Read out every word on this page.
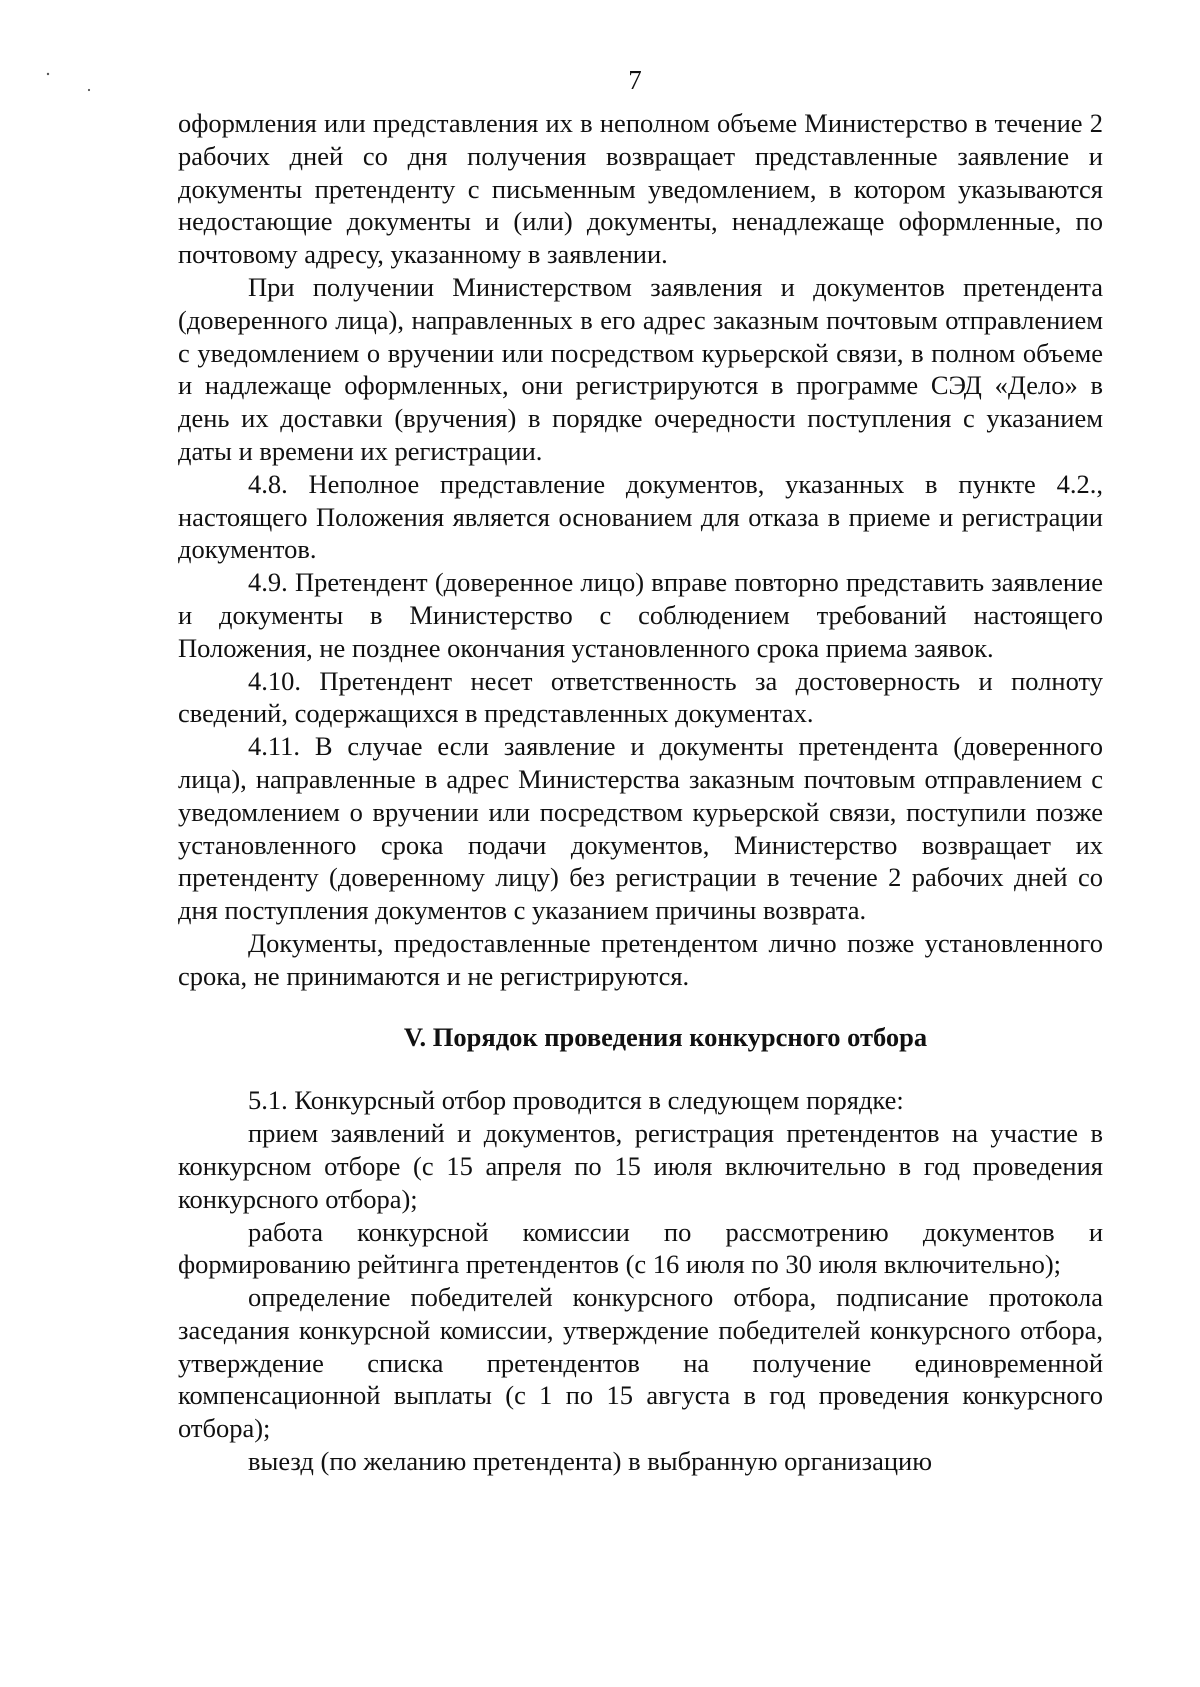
7

оформления или представления их в неполном объеме Министерство в течение 2 рабочих дней со дня получения возвращает представленные заявление и документы претенденту с письменным уведомлением, в котором указываются недостающие документы и (или) документы, ненадлежаще оформленные, по почтовому адресу, указанному в заявлении.

При получении Министерством заявления и документов претендента (доверенного лица), направленных в его адрес заказным почтовым отправлением с уведомлением о вручении или посредством курьерской связи, в полном объеме и надлежаще оформленных, они регистрируются в программе СЭД «Дело» в день их доставки (вручения) в порядке очередности поступления с указанием даты и времени их регистрации.

4.8. Неполное представление документов, указанных в пункте 4.2., настоящего Положения является основанием для отказа в приеме и регистрации документов.

4.9. Претендент (доверенное лицо) вправе повторно представить заявление и документы в Министерство с соблюдением требований настоящего Положения, не позднее окончания установленного срока приема заявок.

4.10. Претендент несет ответственность за достоверность и полноту сведений, содержащихся в представленных документах.

4.11. В случае если заявление и документы претендента (доверенного лица), направленные в адрес Министерства заказным почтовым отправлением с уведомлением о вручении или посредством курьерской связи, поступили позже установленного срока подачи документов, Министерство возвращает их претенденту (доверенному лицу) без регистрации в течение 2 рабочих дней со дня поступления документов с указанием причины возврата.

Документы, предоставленные претендентом лично позже установленного срока, не принимаются и не регистрируются.

V. Порядок проведения конкурсного отбора

5.1. Конкурсный отбор проводится в следующем порядке:

прием заявлений и документов, регистрация претендентов на участие в конкурсном отборе (с 15 апреля по 15 июля включительно в год проведения конкурсного отбора);

работа конкурсной комиссии по рассмотрению документов и формированию рейтинга претендентов (с 16 июля по 30 июля включительно);

определение победителей конкурсного отбора, подписание протокола заседания конкурсной комиссии, утверждение победителей конкурсного отбора, утверждение списка претендентов на получение единовременной компенсационной выплаты (с 1 по 15 августа в год проведения конкурсного отбора);

выезд (по желанию претендента) в выбранную организацию
